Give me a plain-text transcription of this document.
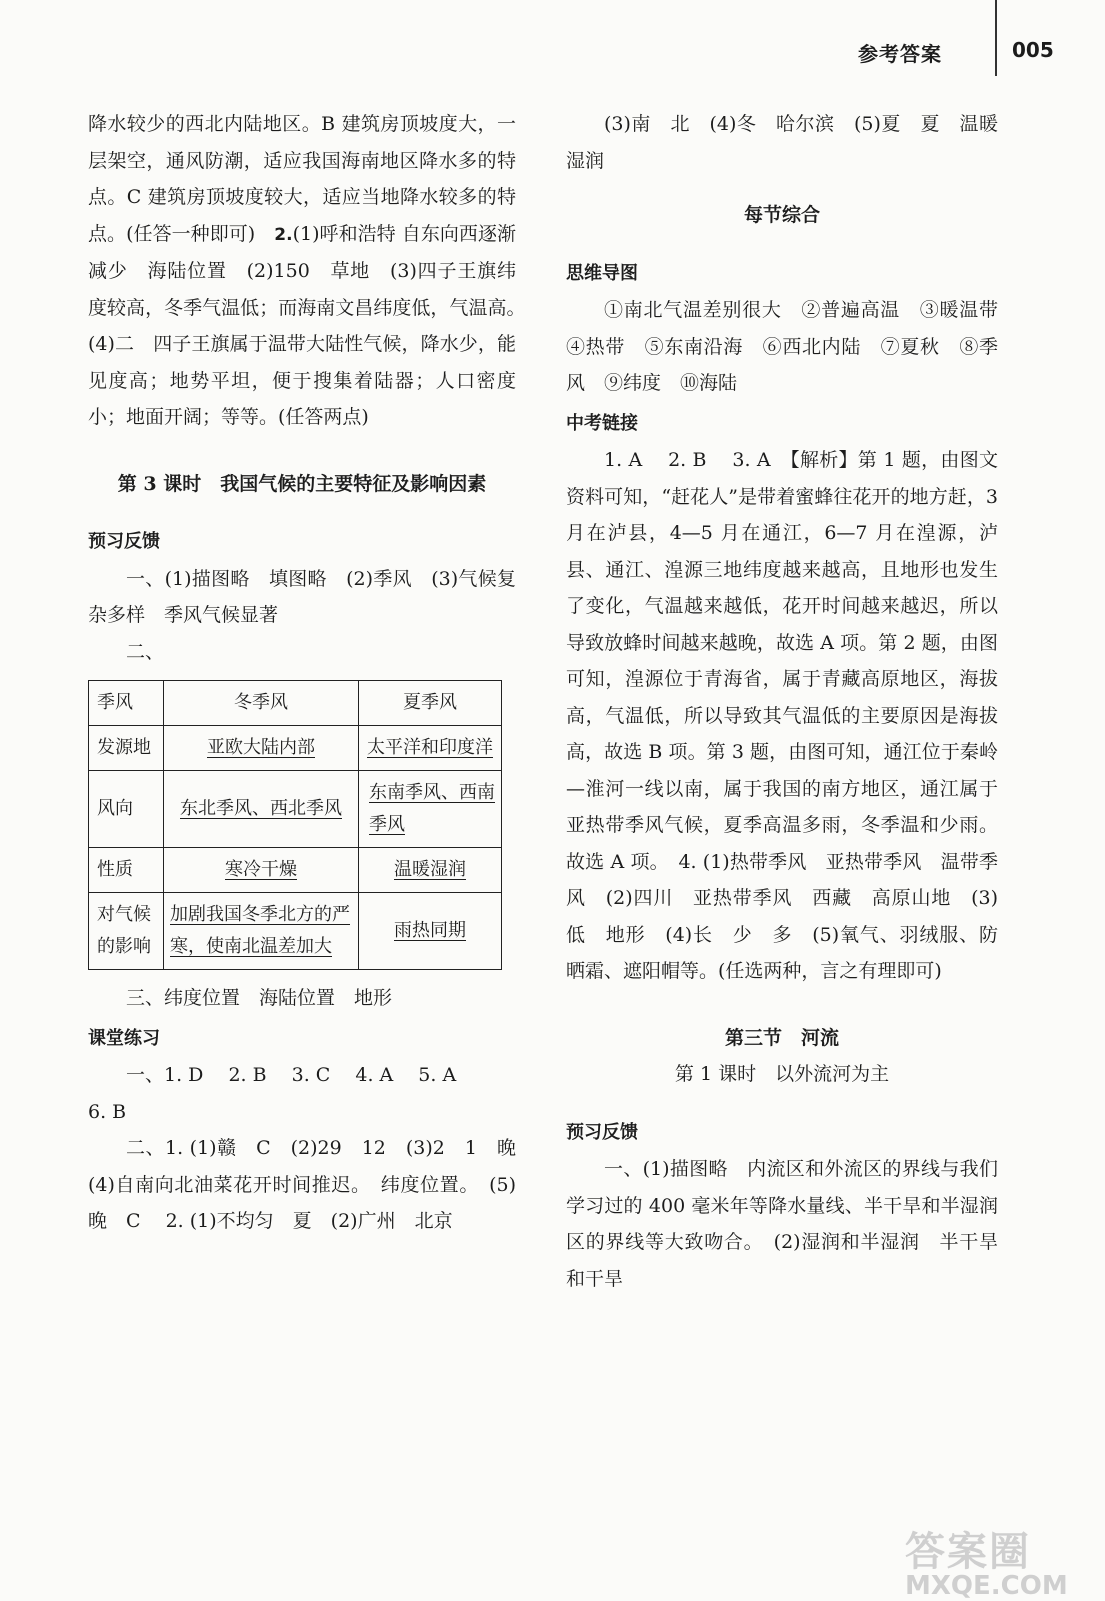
参考答案	005

降水较少的西北内陆地区。B 建筑房顶坡度大，一层架空，通风防潮，适应我国海南地区降水多的特点。C 建筑房顶坡度较大，适应当地降水较多的特点。(任答一种即可)　2.(1)呼和浩特 自东向西逐渐减少　海陆位置　(2)150　草地　(3)四子王旗纬度较高，冬季气温低；而海南文昌纬度低，气温高。　(4)二　四子王旗属于温带大陆性气候，降水少，能见度高；地势平坦，便于搜集着陆器；人口密度小；地面开阔；等等。(任答两点)

第 3 课时　我国气候的主要特征及影响因素

预习反馈

一、(1)描图略　填图略　(2)季风　(3)气候复杂多样　季风气候显著

二、

季风	冬季风	夏季风
发源地	亚欧大陆内部	太平洋和印度洋
风向	东北季风、西北季风	东南季风、西南季风
性质	寒冷干燥	温暖湿润
对气候的影响	加剧我国冬季北方的严寒，使南北温差加大	雨热同期

三、纬度位置　海陆位置　地形

课堂练习

一、1. D　 2. B　 3. C　 4. A　 5. A

6. B

二、1. (1)赣　C　(2)29　12　(3)2　1　晚　(4)自南向北油菜花开时间推迟。　纬度位置。　(5)晚　C　 2. (1)不均匀　夏　(2)广州　北京

(3)南　北　(4)冬　哈尔滨　(5)夏　夏　温暖湿润

每节综合

思维导图

①南北气温差别很大　②普遍高温　③暖温带　④热带　⑤东南沿海　⑥西北内陆　⑦夏秋　⑧季风　⑨纬度　⑩海陆

中考链接

1. A　 2. B　 3. A　【解析】第 1 题，由图文资料可知，“赶花人”是带着蜜蜂往花开的地方赶，3 月在泸县，4—5 月在通江，6—7 月在湟源，泸县、通江、湟源三地纬度越来越高，且地形也发生了变化，气温越来越低，花开时间越来越迟，所以导致放蜂时间越来越晚，故选 A 项。第 2 题，由图可知，湟源位于青海省，属于青藏高原地区，海拔高，气温低，所以导致其气温低的主要原因是海拔高，故选 B 项。第 3 题，由图可知，通江位于秦岭—淮河一线以南，属于我国的南方地区，通江属于亚热带季风气候，夏季高温多雨，冬季温和少雨。故选 A 项。　4. (1)热带季风　亚热带季风　温带季风　(2)四川　亚热带季风　西藏　高原山地　(3)低　地形　(4)长　少　多　(5)氧气、羽绒服、防晒霜、遮阳帽等。(任选两种，言之有理即可)

第三节　河流

第 1 课时　以外流河为主

预习反馈

一、(1)描图略　内流区和外流区的界线与我们学习过的 400 毫米年等降水量线、半干旱和半湿润区的界线等大致吻合。　(2)湿润和半湿润　半干旱和干旱

答案圈
MXQE.COM
